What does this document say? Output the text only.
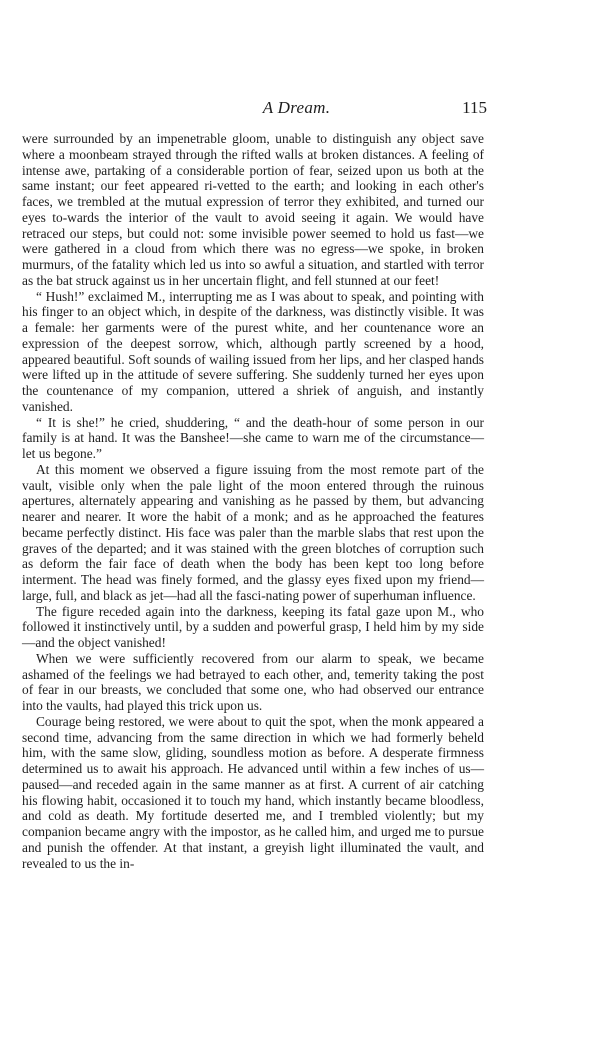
A Dream.	115

were surrounded by an impenetrable gloom, unable to distinguish any object save where a moonbeam strayed through the rifted walls at broken distances. A feeling of intense awe, partaking of a considerable portion of fear, seized upon us both at the same instant; our feet appeared ri-vetted to the earth; and looking in each other's faces, we trembled at the mutual expression of terror they exhibited, and turned our eyes to-wards the interior of the vault to avoid seeing it again. We would have retraced our steps, but could not: some invisible power seemed to hold us fast—we were gathered in a cloud from which there was no egress—we spoke, in broken murmurs, of the fatality which led us into so awful a situation, and startled with terror as the bat struck against us in her uncertain flight, and fell stunned at our feet!

“ Hush!” exclaimed M., interrupting me as I was about to speak, and pointing with his finger to an object which, in despite of the darkness, was distinctly visible. It was a female: her garments were of the purest white, and her countenance wore an expression of the deepest sorrow, which, although partly screened by a hood, appeared beautiful. Soft sounds of wailing issued from her lips, and her clasped hands were lifted up in the attitude of severe suffering. She suddenly turned her eyes upon the countenance of my companion, uttered a shriek of anguish, and instantly vanished.

“ It is she!” he cried, shuddering, “ and the death-hour of some person in our family is at hand. It was the Banshee!—she came to warn me of the circumstance—let us begone.”

At this moment we observed a figure issuing from the most remote part of the vault, visible only when the pale light of the moon entered through the ruinous apertures, alternately appearing and vanishing as he passed by them, but advancing nearer and nearer. It wore the habit of a monk; and as he approached the features became perfectly distinct. His face was paler than the marble slabs that rest upon the graves of the departed; and it was stained with the green blotches of corruption such as deform the fair face of death when the body has been kept too long before interment. The head was finely formed, and the glassy eyes fixed upon my friend—large, full, and black as jet—had all the fasci-nating power of superhuman influence.

The figure receded again into the darkness, keeping its fatal gaze upon M., who followed it instinctively until, by a sudden and powerful grasp, I held him by my side—and the object vanished!

When we were sufficiently recovered from our alarm to speak, we became ashamed of the feelings we had betrayed to each other, and, temerity taking the post of fear in our breasts, we concluded that some one, who had observed our entrance into the vaults, had played this trick upon us.

Courage being restored, we were about to quit the spot, when the monk appeared a second time, advancing from the same direction in which we had formerly beheld him, with the same slow, gliding, soundless motion as before. A desperate firmness determined us to await his approach. He advanced until within a few inches of us—paused—and receded again in the same manner as at first. A current of air catching his flowing habit, occasioned it to touch my hand, which instantly became bloodless, and cold as death. My fortitude deserted me, and I trembled violently; but my companion became angry with the impostor, as he called him, and urged me to pursue and punish the offender. At that instant, a greyish light illuminated the vault, and revealed to us the in-
